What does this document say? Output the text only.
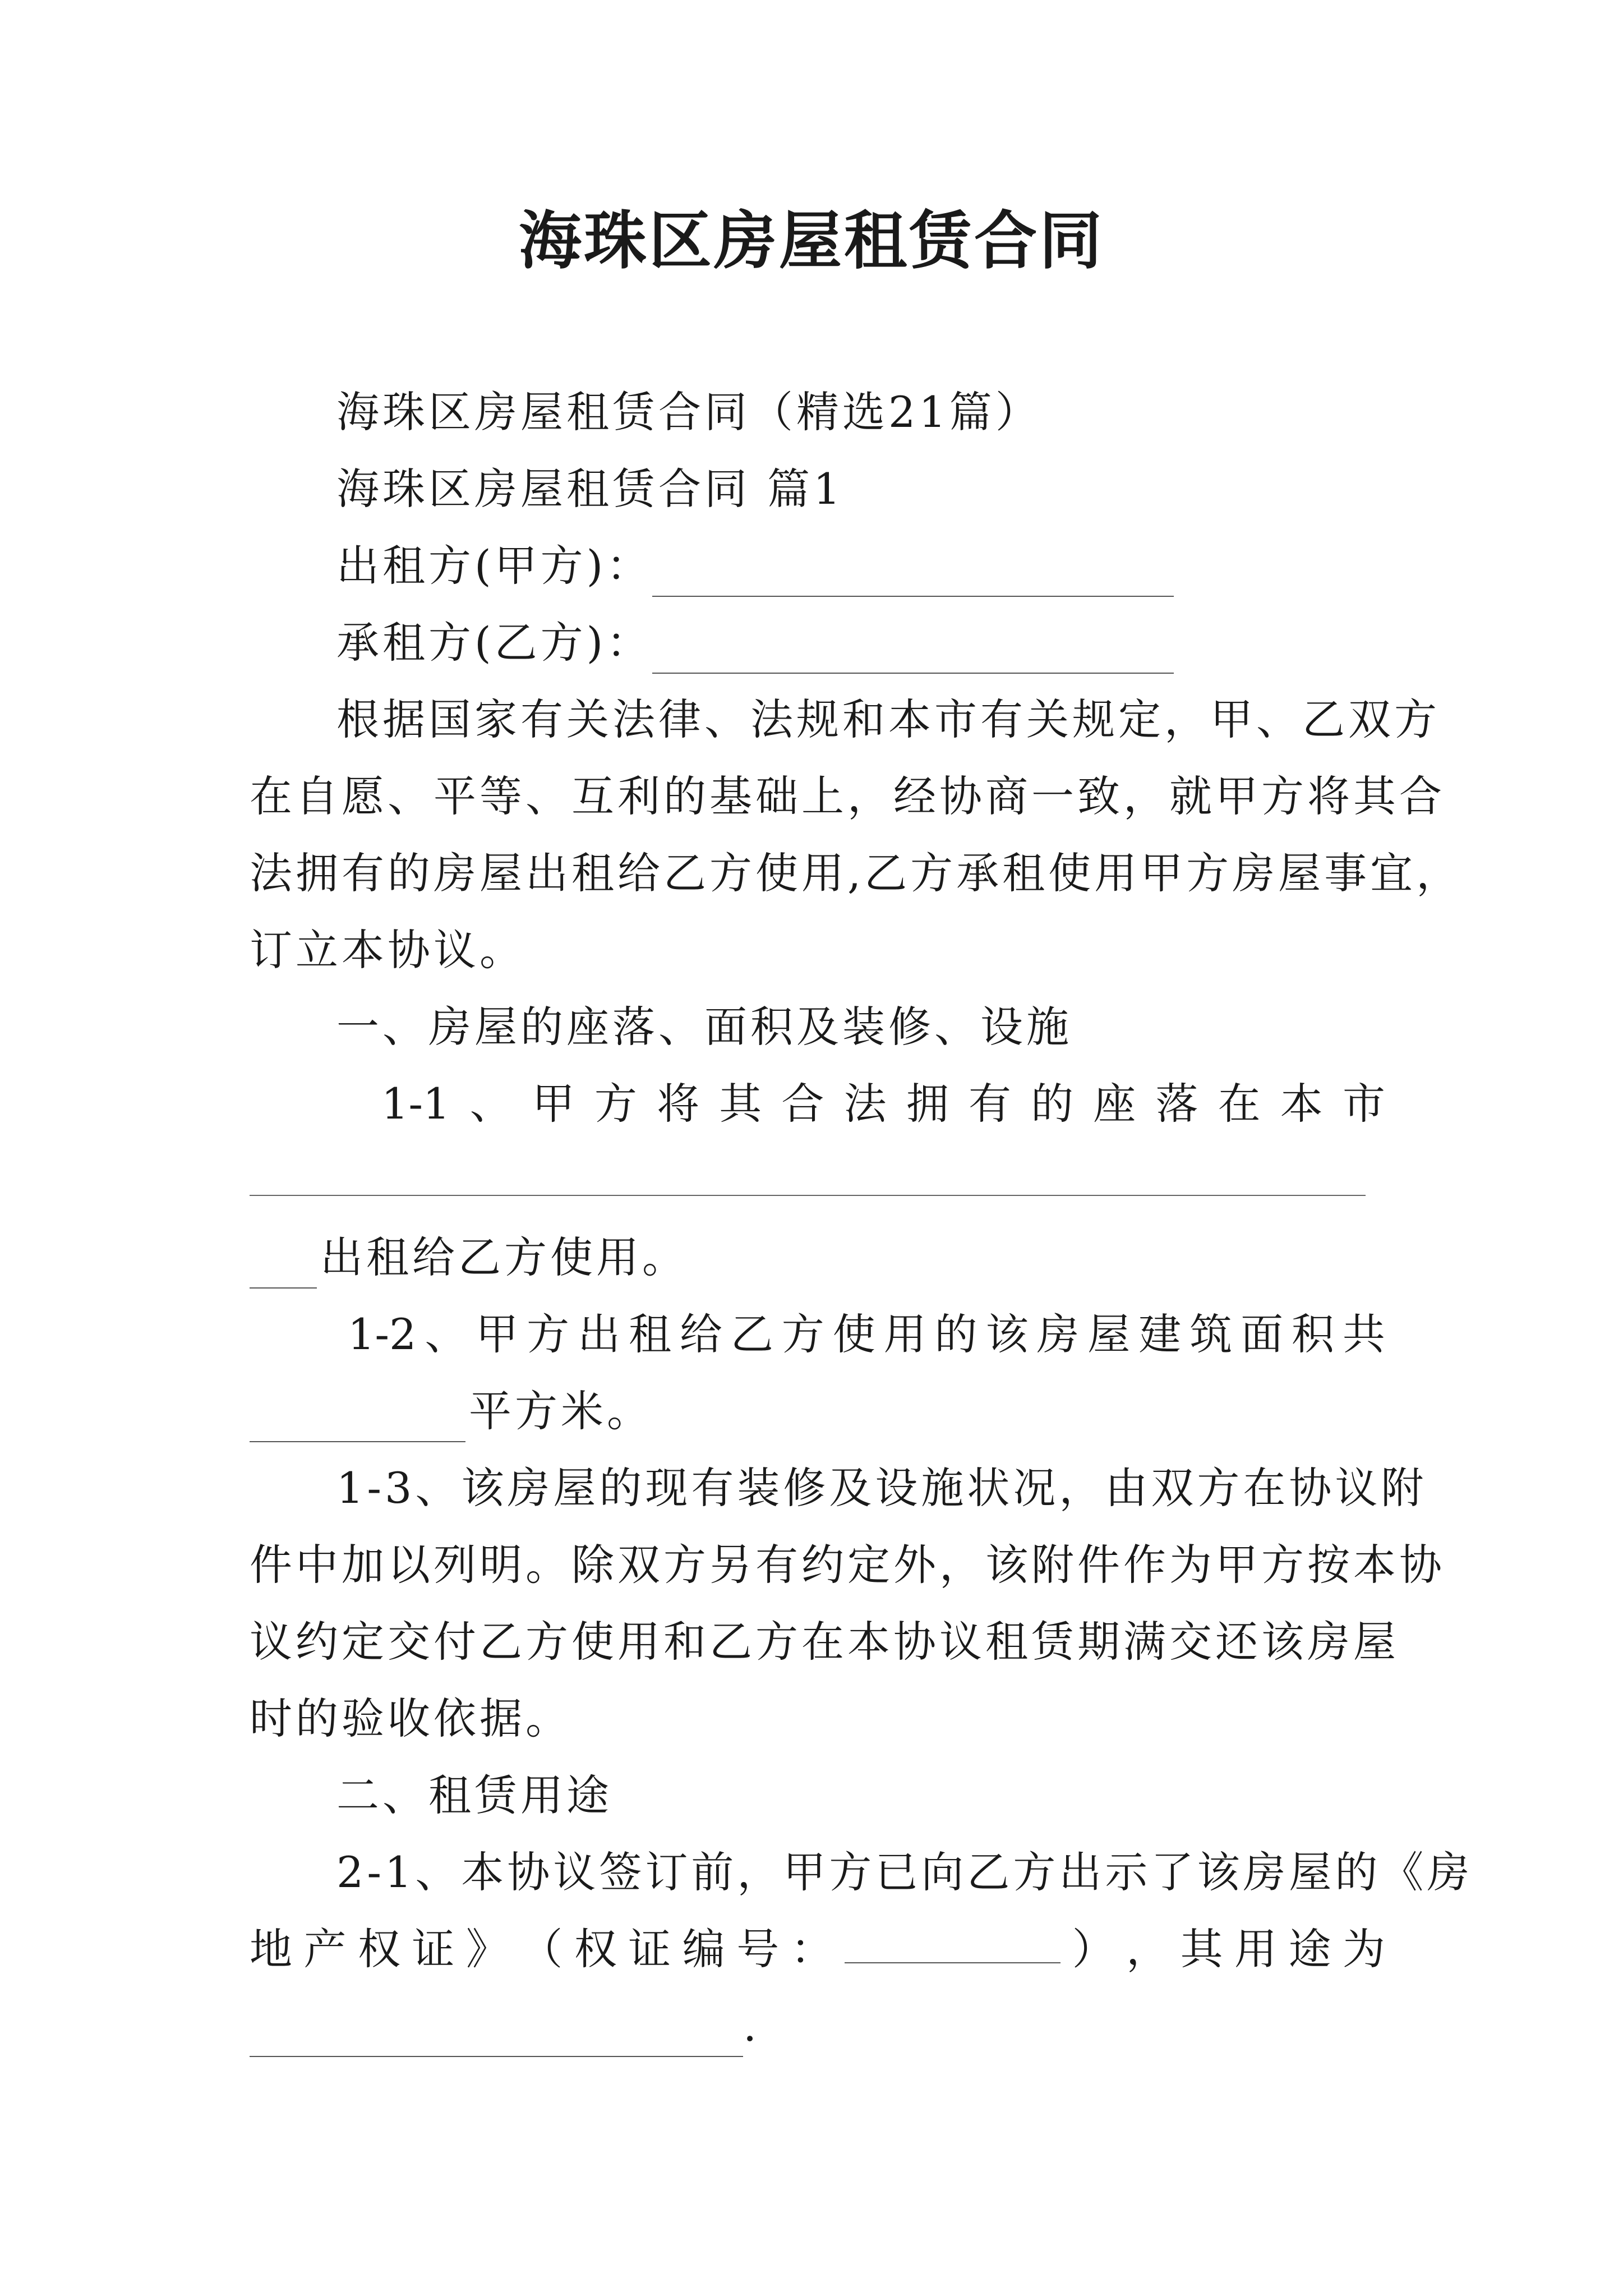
海珠区房屋租赁合同
海珠区房屋租赁合同（精选21篇）
海珠区房屋租赁合同 篇1
出租方(甲方)：
承租方(乙方)：
根据国家有关法律、法规和本市有关规定，甲、乙双方
在自愿、平等、互利的基础上，经协商一致，就甲方将其合
法拥有的房屋出租给乙方使用,乙方承租使用甲方房屋事宜，
订立本协议。
一、房屋的座落、面积及装修、设施
1-1 、 甲 方 将 其 合 法 拥 有 的 座 落 在 本 市
出租给乙方使用。
1-2 、 甲 方 出 租 给 乙 方 使 用 的 该 房 屋 建 筑 面 积 共
平方米。
1-3、该房屋的现有装修及设施状况，由双方在协议附
件中加以列明。除双方另有约定外，该附件作为甲方按本协
议约定交付乙方使用和乙方在本协议租赁期满交还该房屋
时的验收依据。
二、租赁用途
2-1、本协议签订前，甲方已向乙方出示了该房屋的《房
地 产 权 证 》 （ 权 证 编 号 ：	） ， 其 用 途 为
.
